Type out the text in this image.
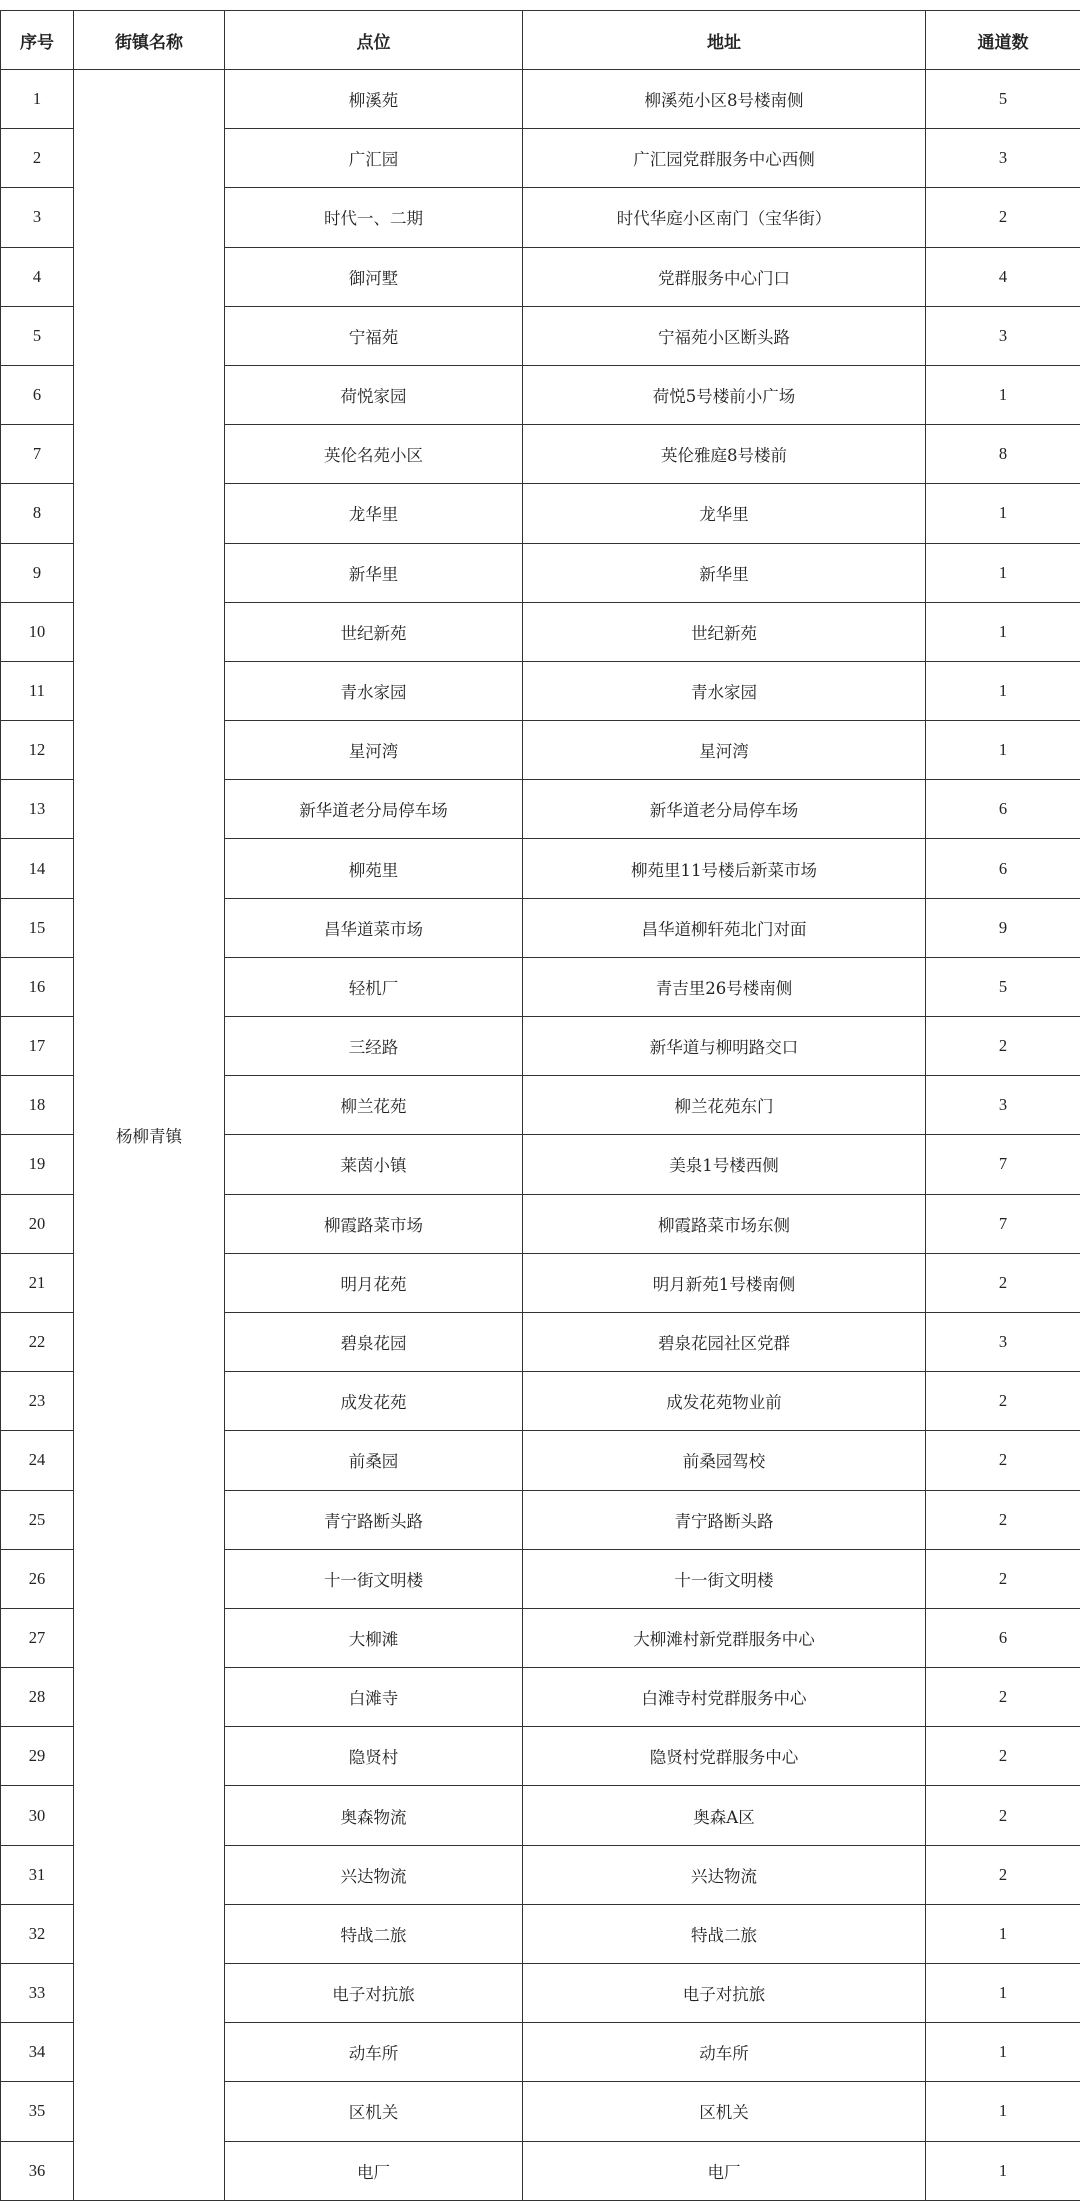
序号	街镇名称	点位	地址	通道数
1	杨柳青镇	柳溪苑	柳溪苑小区8号楼南侧	5
2		广汇园	广汇园党群服务中心西侧	3
3		时代一、二期	时代华庭小区南门（宝华街）	2
4		御河墅	党群服务中心门口	4
5		宁福苑	宁福苑小区断头路	3
6		荷悦家园	荷悦5号楼前小广场	1
7		英伦名苑小区	英伦雅庭8号楼前	8
8		龙华里	龙华里	1
9		新华里	新华里	1
10		世纪新苑	世纪新苑	1
11		青水家园	青水家园	1
12		星河湾	星河湾	1
13		新华道老分局停车场	新华道老分局停车场	6
14		柳苑里	柳苑里11号楼后新菜市场	6
15		昌华道菜市场	昌华道柳轩苑北门对面	9
16		轻机厂	青吉里26号楼南侧	5
17		三经路	新华道与柳明路交口	2
18		柳兰花苑	柳兰花苑东门	3
19		莱茵小镇	美泉1号楼西侧	7
20		柳霞路菜市场	柳霞路菜市场东侧	7
21		明月花苑	明月新苑1号楼南侧	2
22		碧泉花园	碧泉花园社区党群	3
23		成发花苑	成发花苑物业前	2
24		前桑园	前桑园驾校	2
25		青宁路断头路	青宁路断头路	2
26		十一街文明楼	十一街文明楼	2
27		大柳滩	大柳滩村新党群服务中心	6
28		白滩寺	白滩寺村党群服务中心	2
29		隐贤村	隐贤村党群服务中心	2
30		奥森物流	奥森A区	2
31		兴达物流	兴达物流	2
32		特战二旅	特战二旅	1
33		电子对抗旅	电子对抗旅	1
34		动车所	动车所	1
35		区机关	区机关	1
36		电厂	电厂	1
